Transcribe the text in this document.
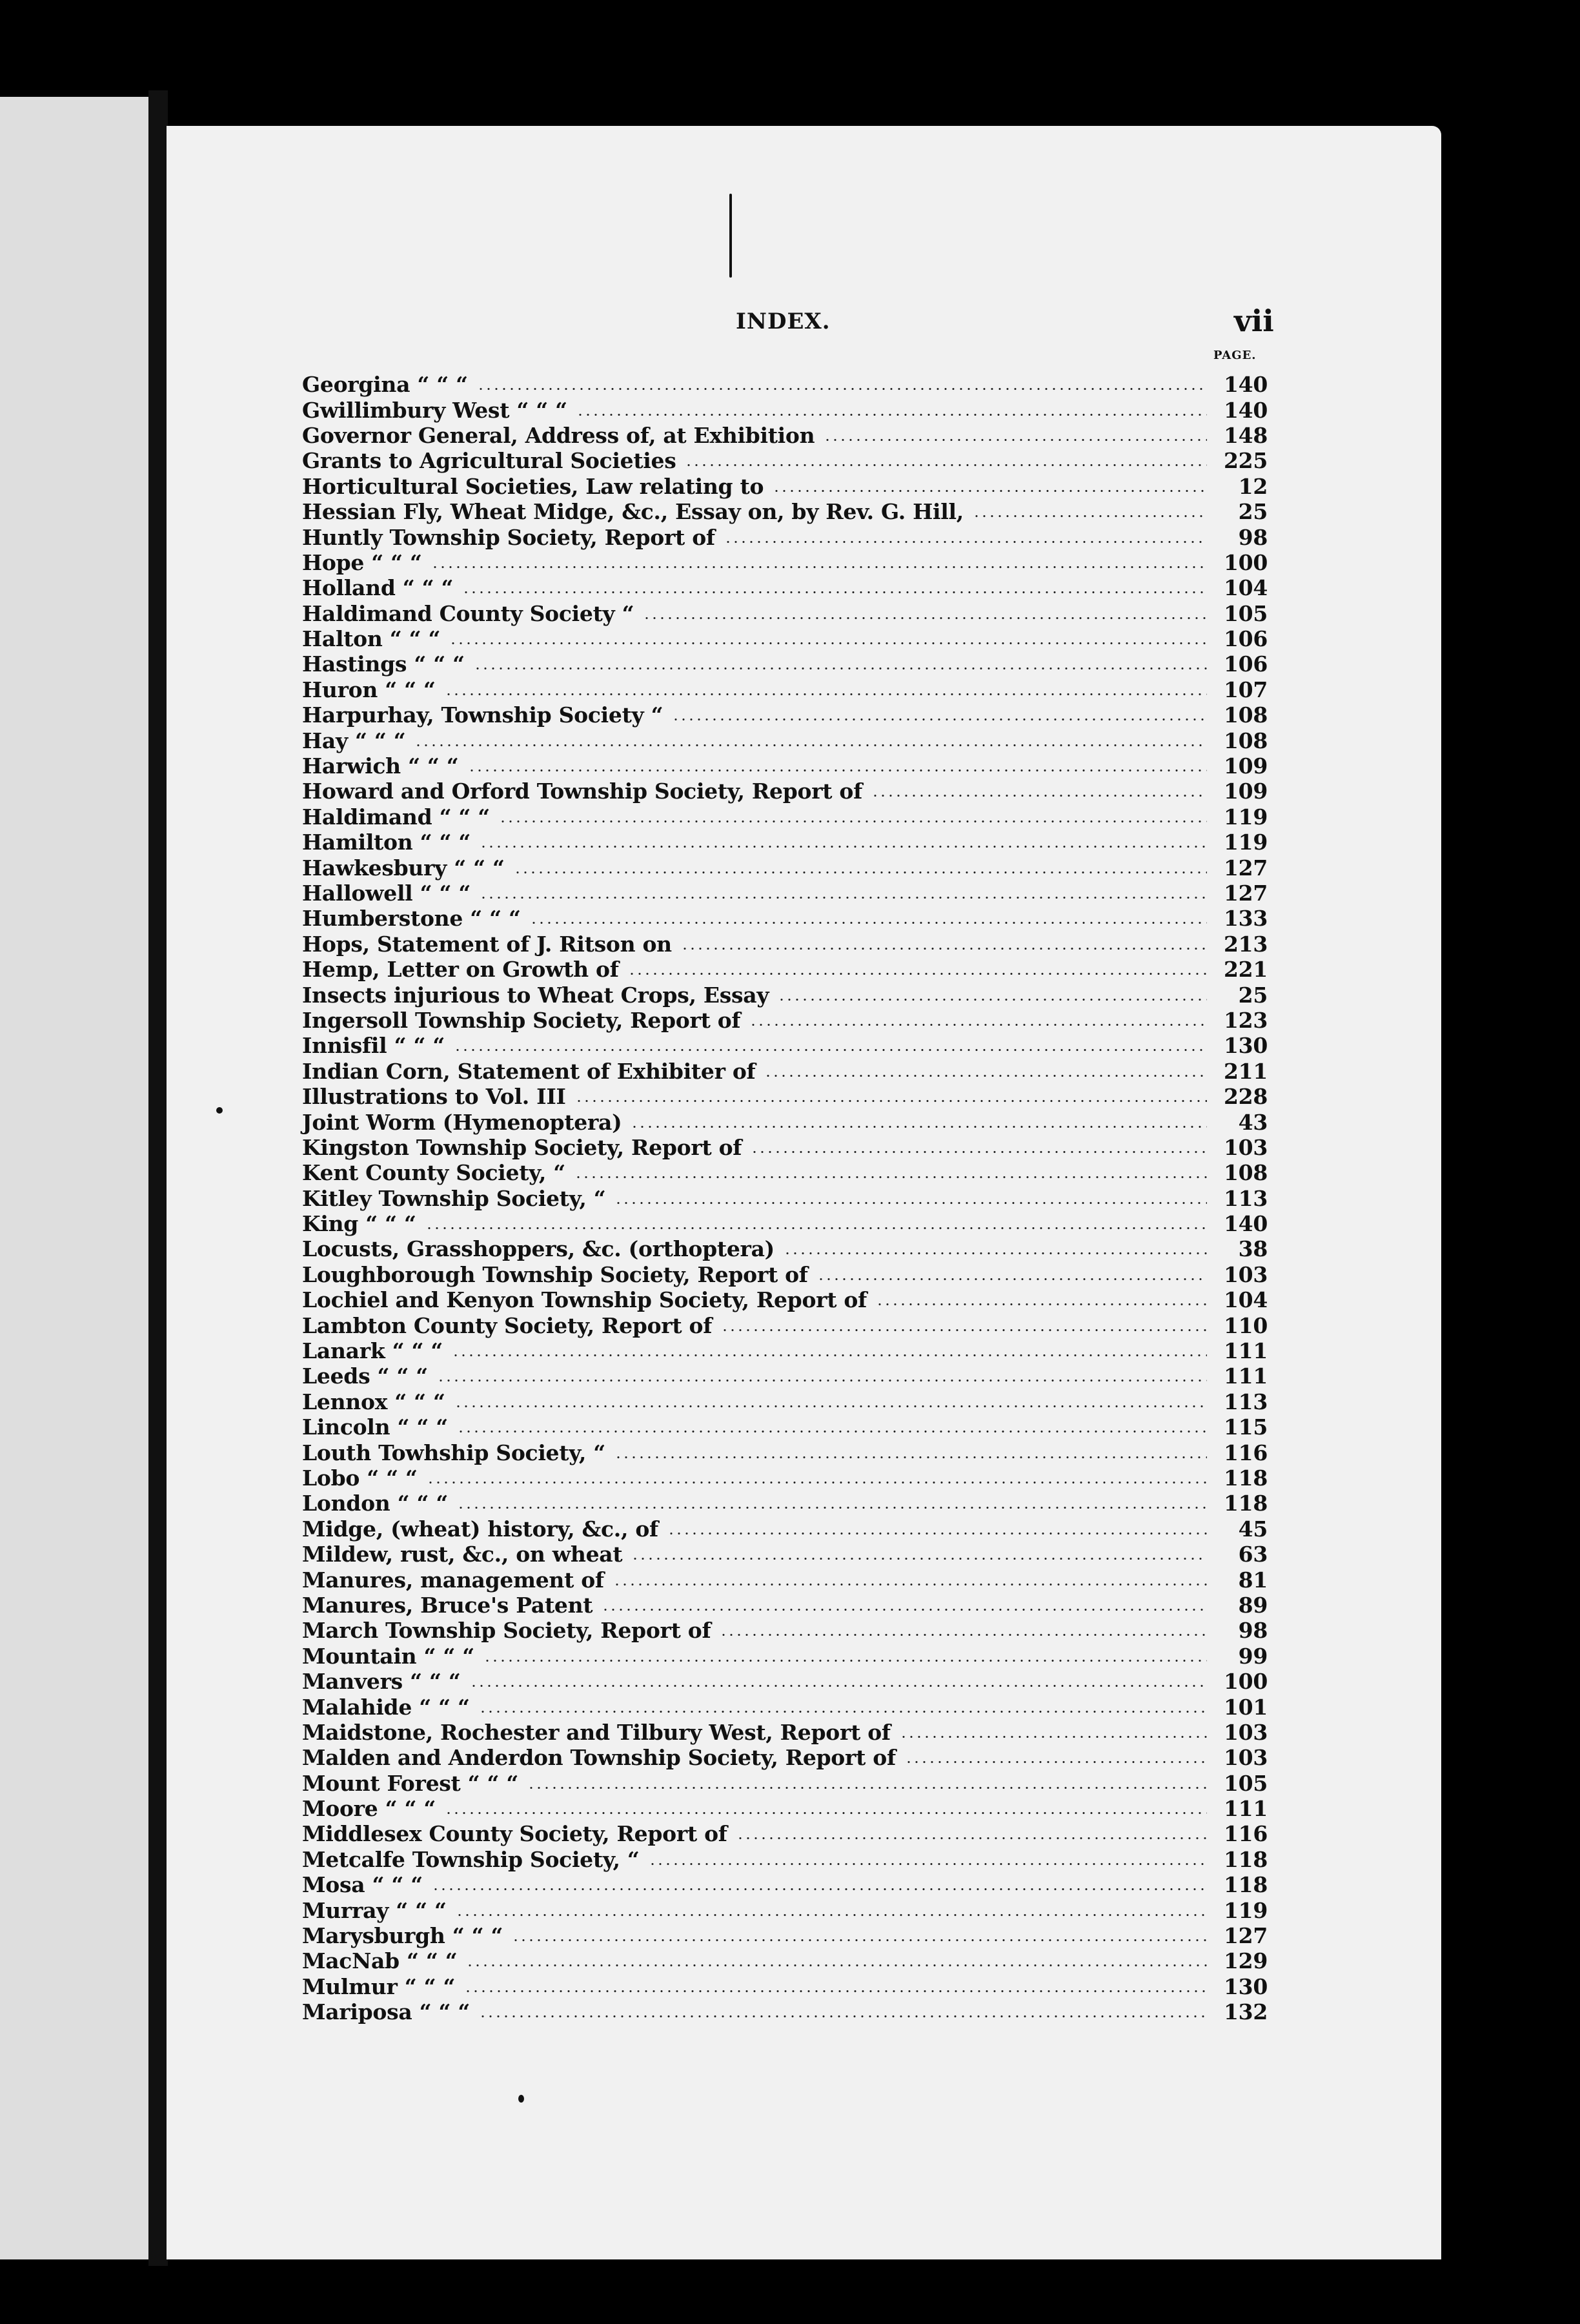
INDEX.	vii
PAGE.
Georgina “ “ “	140
Gwillimbury West “ “ “	140
Governor General, Address of, at Exhibition	148
Grants to Agricultural Societies	225
Horticultural Societies, Law relating to	12
Hessian Fly, Wheat Midge, &c., Essay on, by Rev. G. Hill,	25
Huntly Township Society, Report of	98
Hope “ “ “	100
Holland “ “ “	104
Haldimand County Society “	105
Halton “ “ “	106
Hastings “ “ “	106
Huron “ “ “	107
Harpurhay, Township Society “	108
Hay “ “ “	108
Harwich “ “ “	109
Howard and Orford Township Society, Report of	109
Haldimand “ “ “	119
Hamilton “ “ “	119
Hawkesbury “ “ “	127
Hallowell “ “ “	127
Humberstone “ “ “	133
Hops, Statement of J. Ritson on	213
Hemp, Letter on Growth of	221
Insects injurious to Wheat Crops, Essay	25
Ingersoll Township Society, Report of	123
Innisfil “ “ “	130
Indian Corn, Statement of Exhibiter of	211
Illustrations to Vol. III	228
Joint Worm (Hymenoptera)	43
Kingston Township Society, Report of	103
Kent County Society, “	108
Kitley Township Society, “	113
King “ “ “	140
Locusts, Grasshoppers, &c. (orthoptera)	38
Loughborough Township Society, Report of	103
Lochiel and Kenyon Township Society, Report of	104
Lambton County Society, Report of	110
Lanark “ “ “	111
Leeds “ “ “	111
Lennox “ “ “	113
Lincoln “ “ “	115
Louth Towhship Society, “	116
Lobo “ “ “	118
London “ “ “	118
Midge, (wheat) history, &c., of	45
Mildew, rust, &c., on wheat	63
Manures, management of	81
Manures, Bruce's Patent	89
March Township Society, Report of	98
Mountain “ “ “	99
Manvers “ “ “	100
Malahide “ “ “	101
Maidstone, Rochester and Tilbury West, Report of	103
Malden and Anderdon Township Society, Report of	103
Mount Forest “ “ “	105
Moore “ “ “	111
Middlesex County Society, Report of	116
Metcalfe Township Society, “	118
Mosa “ “ “	118
Murray “ “ “	119
Marysburgh “ “ “	127
MacNab “ “ “	129
Mulmur “ “ “	130
Mariposa “ “ “	132
